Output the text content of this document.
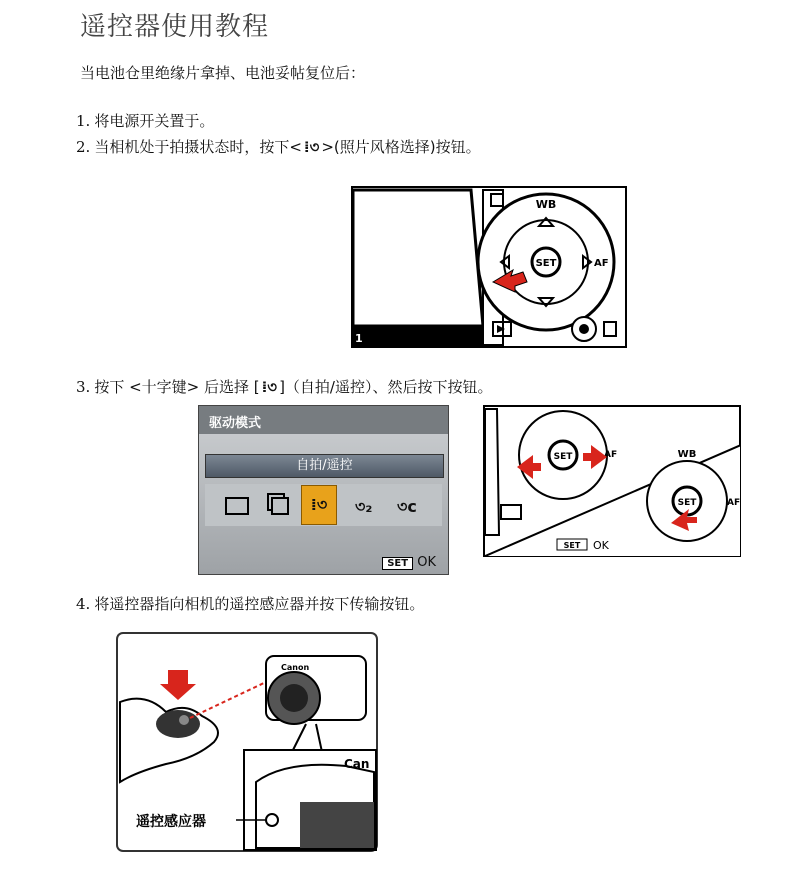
遥控器使用教程
当电池仓里绝缘片拿掉、电池妥帖复位后：
1. 将电源开关置于。
2. 当相机处于拍摄状态时，按下< ⁞৩ >(照片风格选择)按钮。
1
SET
WB
AF
3. 按下 <十字键> 后选择 [ ⁞৩ ]（自拍/遥控）、然后按下按钮。
驱动模式
自拍/遥控
⁞৩	৩₂ ৩c
SET OK
SET	AF
SET
WB
AF
SET OK
4. 将遥控器指向相机的遥控感应器并按下传输按钮。
Canon
Can
遥控感应器
